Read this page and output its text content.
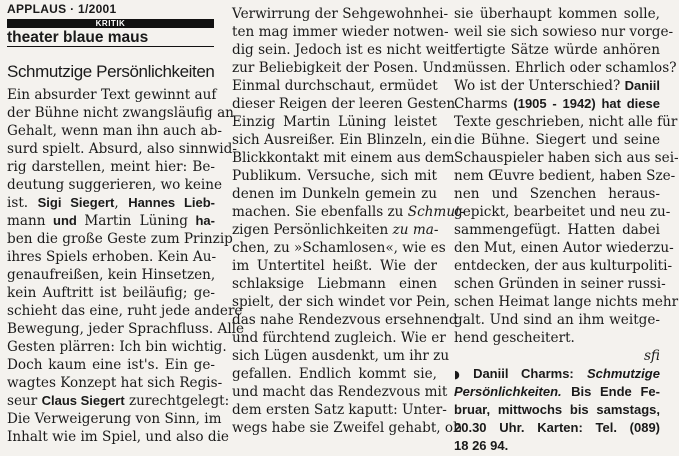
APPLAUS · 1/2001
KRITIK
theater blaue maus
Schmutzige Persönlichkeiten
Ein absurder Text gewinnt auf
der Bühne nicht zwangsläufig an
Gehalt, wenn man ihn auch ab-
surd spielt. Absurd, also sinnwid-
rig darstellen, meint hier: Be-
deutung suggerieren, wo keine
ist. Sigi Siegert, Hannes Lieb-
mann und Martin Lüning ha-
ben die große Geste zum Prinzip
ihres Spiels erhoben. Kein Au-
genaufreißen, kein Hinsetzen,
kein Auftritt ist beiläufig; ge-
schieht das eine, ruht jede andere
Bewegung, jeder Sprachfluss. Alle
Gesten plärren: Ich bin wichtig.
Doch kaum eine ist's. Ein ge-
wagtes Konzept hat sich Regis-
seur Claus Siegert zurechtgelegt:
Die Verweigerung von Sinn, im
Inhalt wie im Spiel, und also die
Verwirrung der Sehgewohnhei-
ten mag immer wieder notwen-
dig sein. Jedoch ist es nicht weit
zur Beliebigkeit der Posen. Und:
Einmal durchschaut, ermüdet
dieser Reigen der leeren Gesten.
Einzig Martin Lüning leistet
sich Ausreißer. Ein Blinzeln, ein
Blickkontakt mit einem aus dem
Publikum. Versuche, sich mit
denen im Dunkeln gemein zu
machen. Sie ebenfalls zu Schmut-
zigen Persönlichkeiten zu ma-
chen, zu »Schamlosen«, wie es
im Untertitel heißt. Wie der
schlaksige Liebmann einen
spielt, der sich windet vor Pein,
das nahe Rendezvous ersehnend
und fürchtend zugleich. Wie er
sich Lügen ausdenkt, um ihr zu
gefallen. Endlich kommt sie,
und macht das Rendezvous mit
dem ersten Satz kaputt: Unter-
wegs habe sie Zweifel gehabt, ob
sie überhaupt kommen solle,
weil sie sich sowieso nur vorge-
fertigte Sätze würde anhören
müssen. Ehrlich oder schamlos?
Wo ist der Unterschied? Daniil
Charms (1905 - 1942) hat diese
Texte geschrieben, nicht alle für
die Bühne. Siegert und seine
Schauspieler haben sich aus sei-
nem Œuvre bedient, haben Sze-
nen und Szenchen heraus-
gepickt, bearbeitet und neu zu-
sammengefügt. Hatten dabei
den Mut, einen Autor wiederzu-
entdecken, der aus kulturpoliti-
schen Gründen in seiner russi-
schen Heimat lange nichts mehr
galt. Und sind an ihm weitge-
hend gescheitert.
sfi
◗ Daniil Charms: Schmutzige
Persönlichkeiten. Bis Ende Fe-
bruar, mittwochs bis samstags,
20.30 Uhr. Karten: Tel. (089)
18 26 94.
